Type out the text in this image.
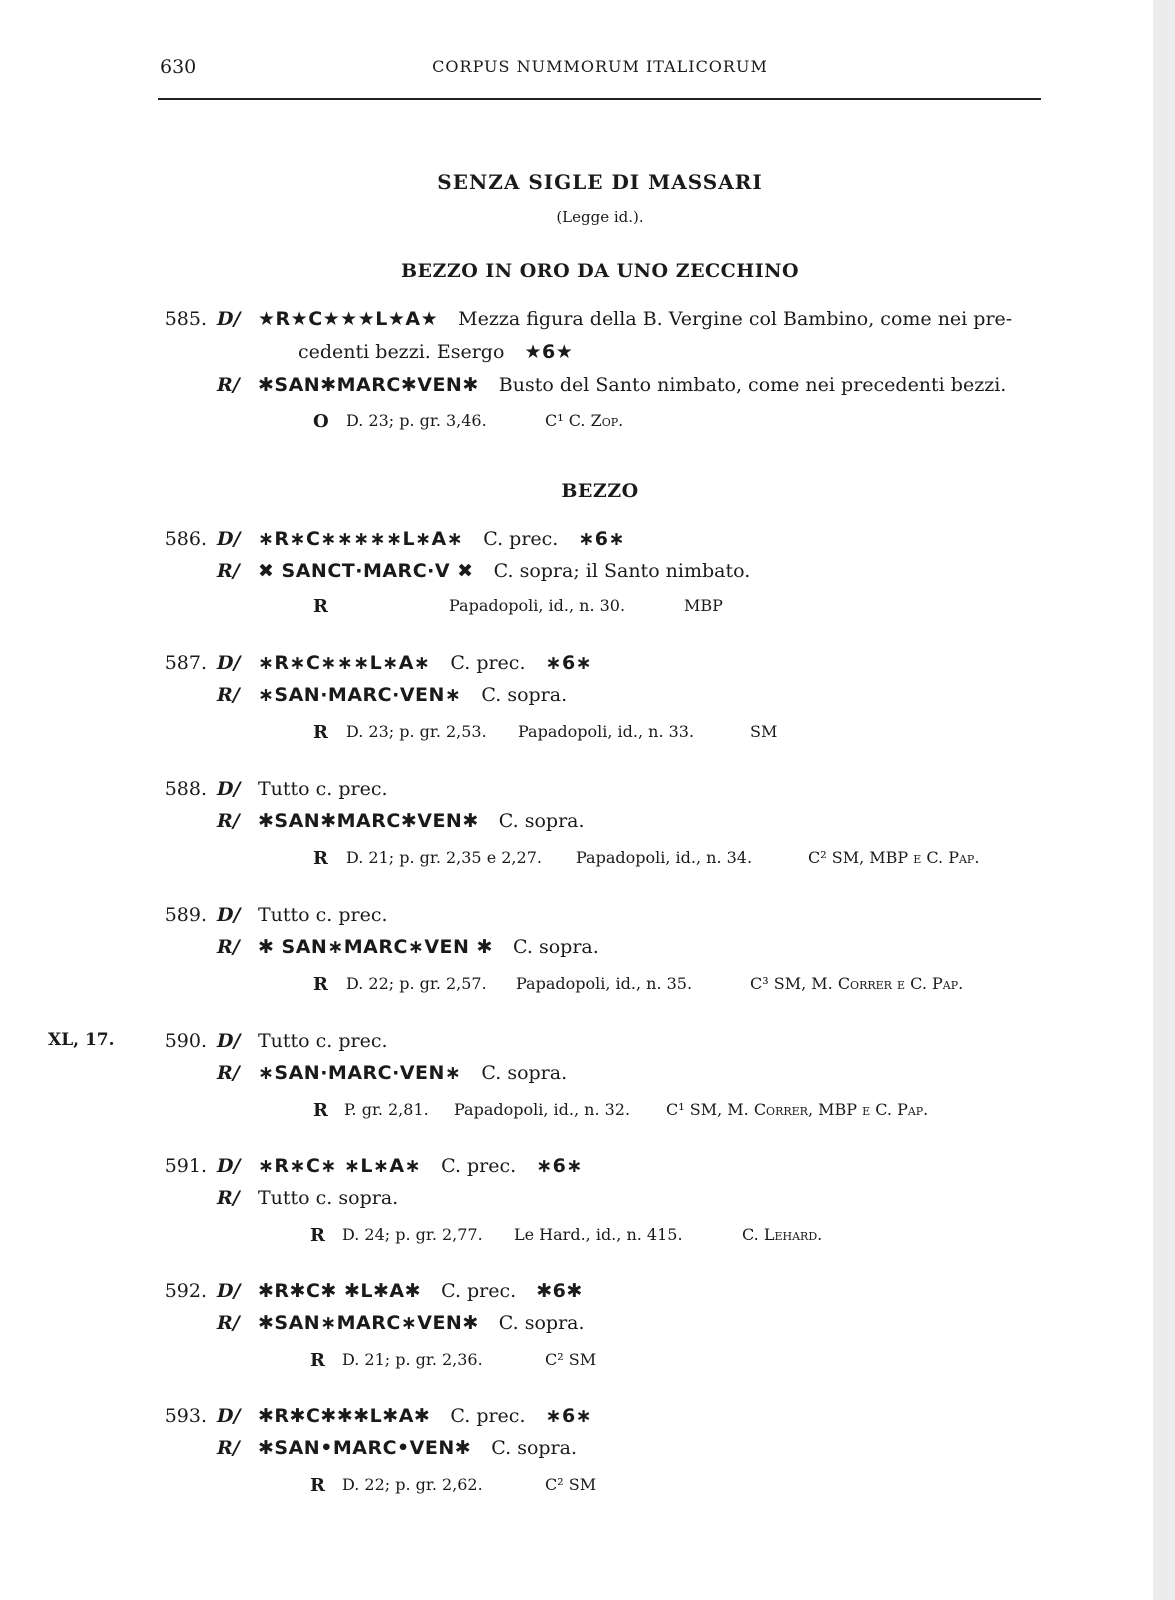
630	CORPUS NUMMORUM ITALICORUM
SENZA SIGLE DI MASSARI
(Legge id.).
BEZZO IN ORO DA UNO ZECCHINO
585. D/ ★R★C★★★L★A★ Mezza figura della B. Vergine col Bambino, come nei pre-
cedenti bezzi. Esergo ★6★
R/ ✱SAN✱MARC✱VEN✱ Busto del Santo nimbato, come nei precedenti bezzi.
O D. 23; p. gr. 3,46.	C¹ C. Zop.
BEZZO
586. D/ ∗R∗C∗∗∗∗∗L∗A∗ C. prec. ∗6∗
R/ ✖ SANCT·MARC·V ✖ C. sopra; il Santo nimbato.
R	Papadopoli, id., n. 30.	MBP
587. D/ ∗R∗C∗∗∗L∗A∗ C. prec. ∗6∗
R/ ∗SAN·MARC·VEN∗ C. sopra.
R D. 23; p. gr. 2,53. Papadopoli, id., n. 33.	SM
588. D/ Tutto c. prec.
R/ ✱SAN✱MARC✱VEN✱ C. sopra.
R D. 21; p. gr. 2,35 e 2,27. Papadopoli, id., n. 34.	C² SM, MBP e C. Pap.
589. D/ Tutto c. prec.
R/ ✱ SAN∗MARC∗VEN ✱ C. sopra.
R D. 22; p. gr. 2,57. Papadopoli, id., n. 35.	C³ SM, M. Correr e C. Pap.
XL, 17.	590. D/ Tutto c. prec.
R/ ∗SAN·MARC·VEN∗ C. sopra.
R P. gr. 2,81. Papadopoli, id., n. 32. C¹ SM, M. Correr, MBP e C. Pap.
591. D/ ∗R∗C∗ ∗L∗A∗ C. prec. ∗6∗
R/ Tutto c. sopra.
R D. 24; p. gr. 2,77. Le Hard., id., n. 415.	C. Lehard.
592. D/ ✱R✱C✱ ✱L✱A✱ C. prec. ✱6✱
R/ ✱SAN∗MARC∗VEN✱ C. sopra.
R D. 21; p. gr. 2,36.	C² SM
593. D/ ✱R✱C✱✱✱L✱A✱ C. prec. ∗6∗
R/ ✱SAN•MARC•VEN✱ C. sopra.
R D. 22; p. gr. 2,62.	C² SM
